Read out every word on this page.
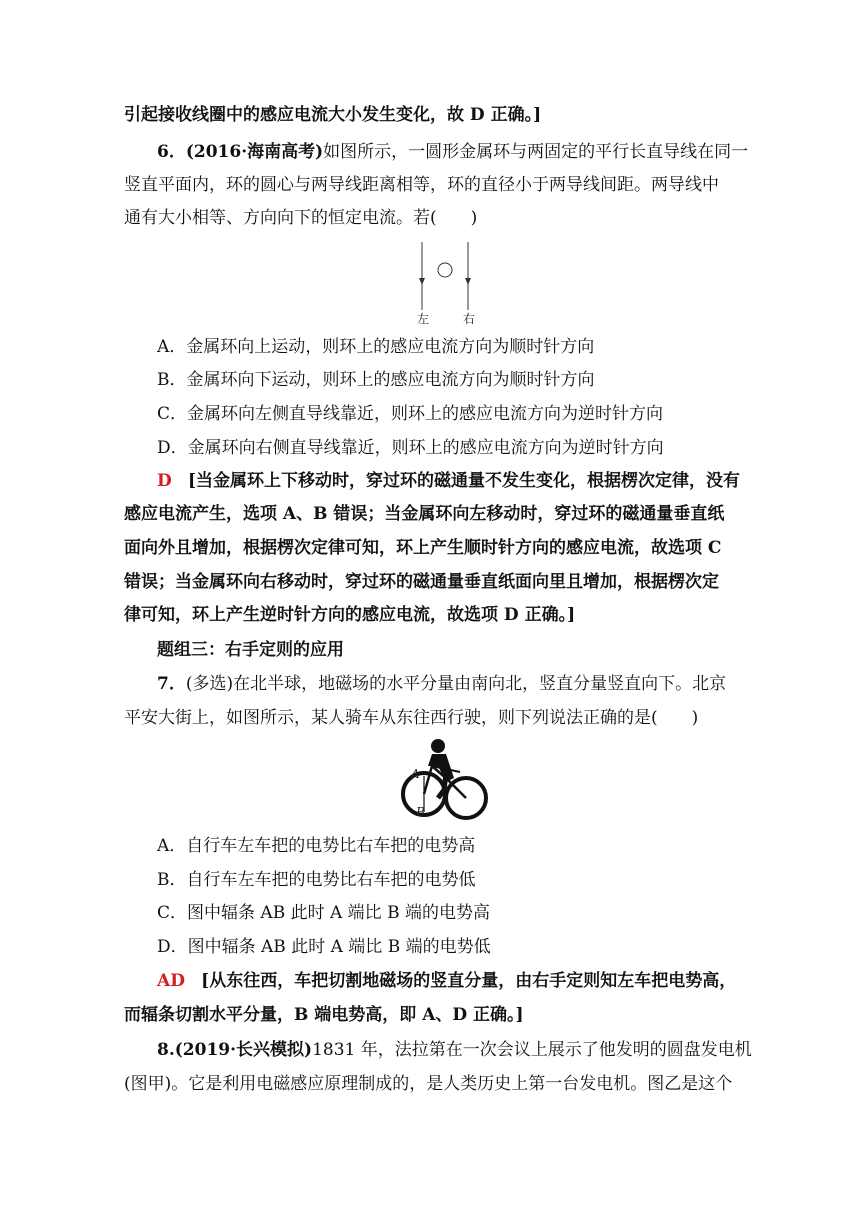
引起接收线圈中的感应电流大小发生变化，故 D 正确。]
6．(2016·海南高考)如图所示，一圆形金属环与两固定的平行长直导线在同一
竖直平面内，环的圆心与两导线距离相等，环的直径小于两导线间距。两导线中
通有大小相等、方向向下的恒定电流。若(　　)
左	右
A．金属环向上运动，则环上的感应电流方向为顺时针方向
B．金属环向下运动，则环上的感应电流方向为顺时针方向
C．金属环向左侧直导线靠近，则环上的感应电流方向为逆时针方向
D．金属环向右侧直导线靠近，则环上的感应电流方向为逆时针方向
D [当金属环上下移动时，穿过环的磁通量不发生变化，根据楞次定律，没有
感应电流产生，选项 A、B 错误；当金属环向左移动时，穿过环的磁通量垂直纸
面向外且增加，根据楞次定律可知，环上产生顺时针方向的感应电流，故选项 C
错误；当金属环向右移动时，穿过环的磁通量垂直纸面向里且增加，根据楞次定
律可知，环上产生逆时针方向的感应电流，故选项 D 正确。]
题组三：右手定则的应用
7．(多选)在北半球，地磁场的水平分量由南向北，竖直分量竖直向下。北京
平安大街上，如图所示，某人骑车从东往西行驶，则下列说法正确的是(　　)
A
B
A．自行车左车把的电势比右车把的电势高
B．自行车左车把的电势比右车把的电势低
C．图中辐条 AB 此时 A 端比 B 端的电势高
D．图中辐条 AB 此时 A 端比 B 端的电势低
AD [从东往西，车把切割地磁场的竖直分量，由右手定则知左车把电势高，
而辐条切割水平分量，B 端电势高，即 A、D 正确。]
8.(2019·长兴模拟)1831 年，法拉第在一次会议上展示了他发明的圆盘发电机
(图甲)。它是利用电磁感应原理制成的，是人类历史上第一台发电机。图乙是这个
